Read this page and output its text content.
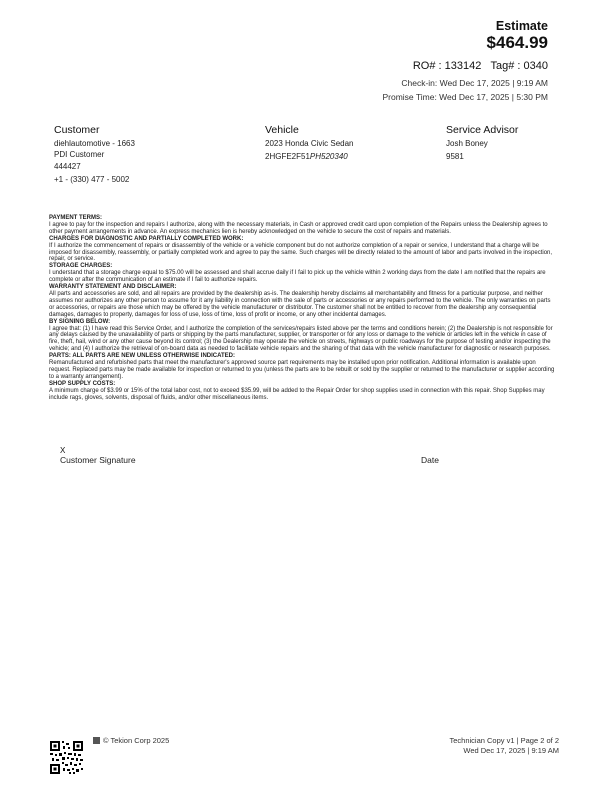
Estimate
$464.99
RO# : 133142 Tag# : 0340
Check-in: Wed Dec 17, 2025 | 9:19 AM
Promise Time: Wed Dec 17, 2025 | 5:30 PM
Customer
diehlautomotive - 1663
PDI Customer
444427
+1 - (330) 477 - 5002
Vehicle
2023 Honda Civic Sedan
2HGFE2F51PH520340
Service Advisor
Josh Boney
9581

PAYMENT TERMS:

I agree to pay for the inspection and repairs I authorize, along with the necessary materials, in Cash or approved credit card upon completion of the Repairs unless the Dealership agrees to other payment arrangements in advance. An express mechanics lien is hereby acknowledged on the vehicle to secure the cost of repairs and materials.

CHARGES FOR DIAGNOSTIC AND PARTIALLY COMPLETED WORK:

If I authorize the commencement of repairs or disassembly of the vehicle or a vehicle component but do not authorize completion of a repair or service, I understand that a charge will be imposed for disassembly, reassembly, or partially completed work and agree to pay the same. Such charges will be directly related to the amount of labor and parts involved in the inspection, repair, or service.

STORAGE CHARGES:

I understand that a storage charge equal to $75.00 will be assessed and shall accrue daily if I fail to pick up the vehicle within 2 working days from the date I am notified that the repairs are complete or after the communication of an estimate if I fail to authorize repairs.

WARRANTY STATEMENT AND DISCLAIMER:

All parts and accessories are sold, and all repairs are provided by the dealership as-is. The dealership hereby disclaims all merchantability and fitness for a particular purpose, and neither assumes nor authorizes any other person to assume for it any liability in connection with the sale of parts or accessories or any repairs performed to the vehicle. The only warranties on parts or accessories, or repairs are those which may be offered by the vehicle manufacturer or distributor. The customer shall not be entitled to recover from the dealership any consequential damages, damages to property, damages for loss of use, loss of time, loss of profit or income, or any other incidental damages.

BY SIGNING BELOW:

I agree that: (1) I have read this Service Order, and I authorize the completion of the services/repairs listed above per the terms and conditions herein; (2) the Dealership is not responsible for any delays caused by the unavailability of parts or shipping by the parts manufacturer, supplier, or transporter or for any loss or damage to the vehicle or articles left in the vehicle in case of fire, theft, hail, wind or any other cause beyond its control; (3) the Dealership may operate the vehicle on streets, highways or public roadways for the purpose of testing and/or inspecting the vehicle; and (4) I authorize the retrieval of on-board data as needed to facilitate vehicle repairs and the sharing of that data with the vehicle manufacturer for diagnostic or research purposes.

PARTS: ALL PARTS ARE NEW UNLESS OTHERWISE INDICATED:

Remanufactured and refurbished parts that meet the manufacturer's approved source part requirements may be installed upon prior notification. Additional information is available upon request. Replaced parts may be made available for inspection or returned to you (unless the parts are to be rebuilt or sold by the supplier or returned to the manufacturer or supplier according to a warranty arrangement).

SHOP SUPPLY COSTS:

A minimum charge of $3.99 or 15% of the total labor cost, not to exceed $35.99, will be added to the Repair Order for shop supplies used in connection with this repair. Shop Supplies may include rags, gloves, solvents, disposal of fluids, and/or other miscellaneous items.

X
Customer Signature	Date
© Tekion Corp 2025	Technician Copy v1 | Page 2 of 2
Wed Dec 17, 2025 | 9:19 AM
